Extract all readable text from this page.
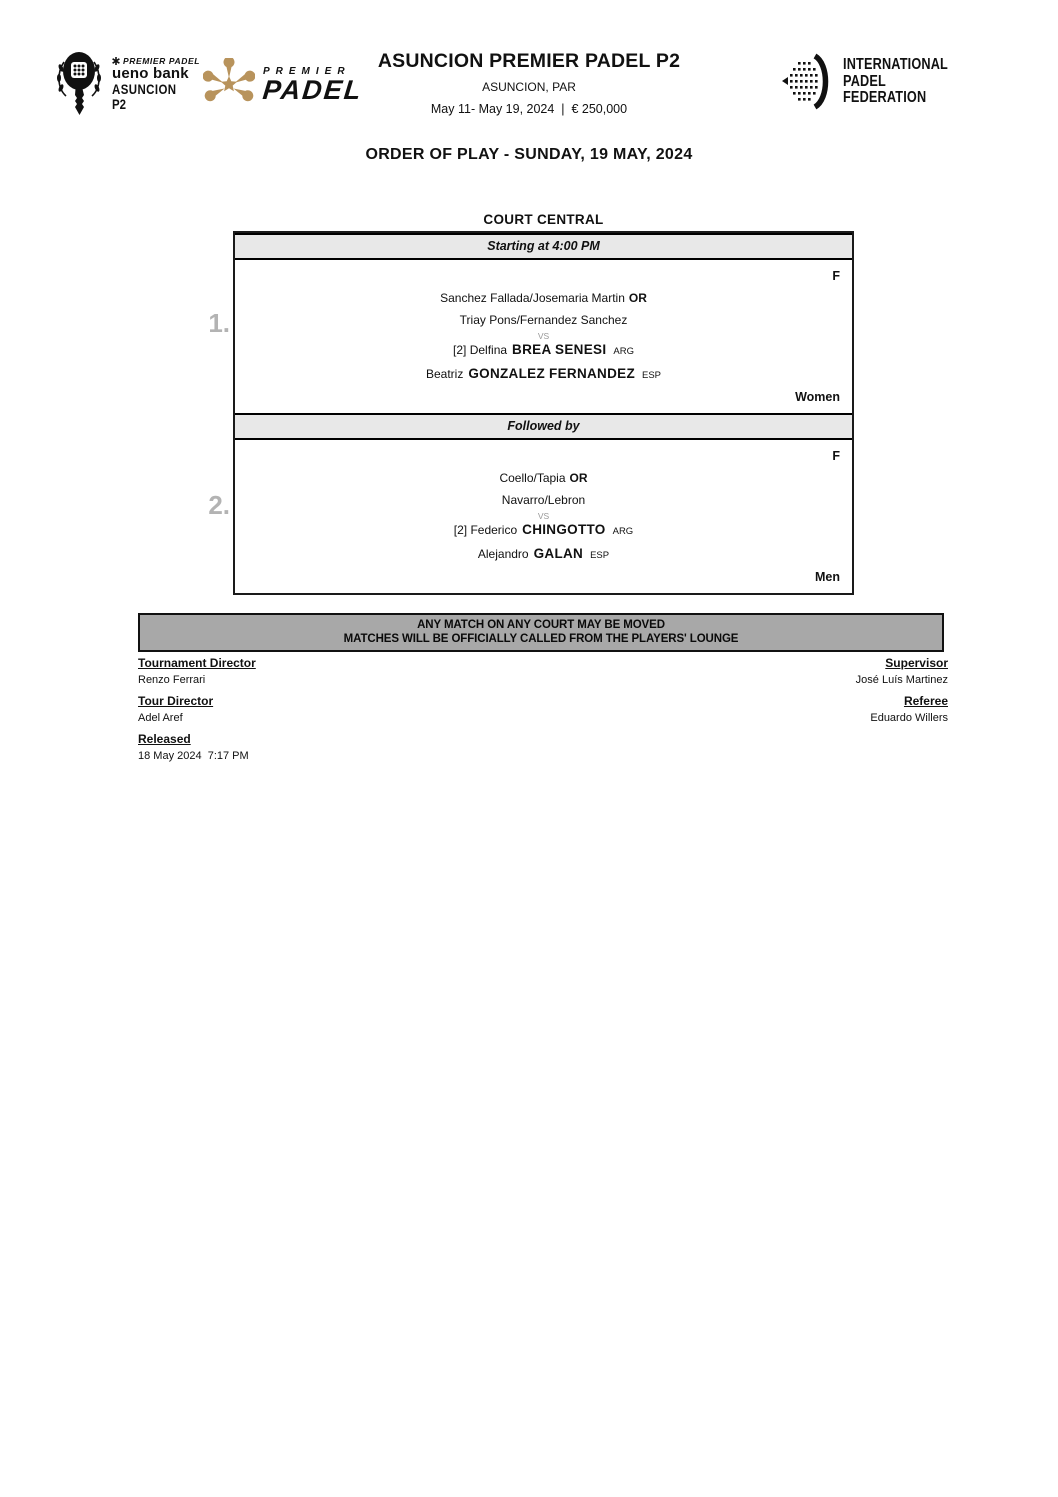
PREMIER PADEL
ueno bank
ASUNCION
P2
PREMIER
PADEL
ASUNCION PREMIER PADEL P2
ASUNCION, PAR
May 11- May 19, 2024  |  € 250,000
INTERNATIONAL
PADEL
FEDERATION
ORDER OF PLAY - SUNDAY, 19 MAY, 2024
COURT CENTRAL
Starting at 4:00 PM
F
Sanchez Fallada/Josemaria Martin OR
Triay Pons/Fernandez Sanchez
VS
[2] Delfina BREA SENESI ARG
Beatriz GONZALEZ FERNANDEZ ESP
Women
Followed by
F
Coello/Tapia OR
Navarro/Lebron
VS
[2] Federico CHINGOTTO ARG
Alejandro GALAN ESP
Men
1.
2.
ANY MATCH ON ANY COURT MAY BE MOVED
MATCHES WILL BE OFFICIALLY CALLED FROM THE PLAYERS' LOUNGE
Tournament Director
Renzo Ferrari
Tour Director
Adel Aref
Released
18 May 2024  7:17 PM
Supervisor
José Luís Martinez
Referee
Eduardo Willers
